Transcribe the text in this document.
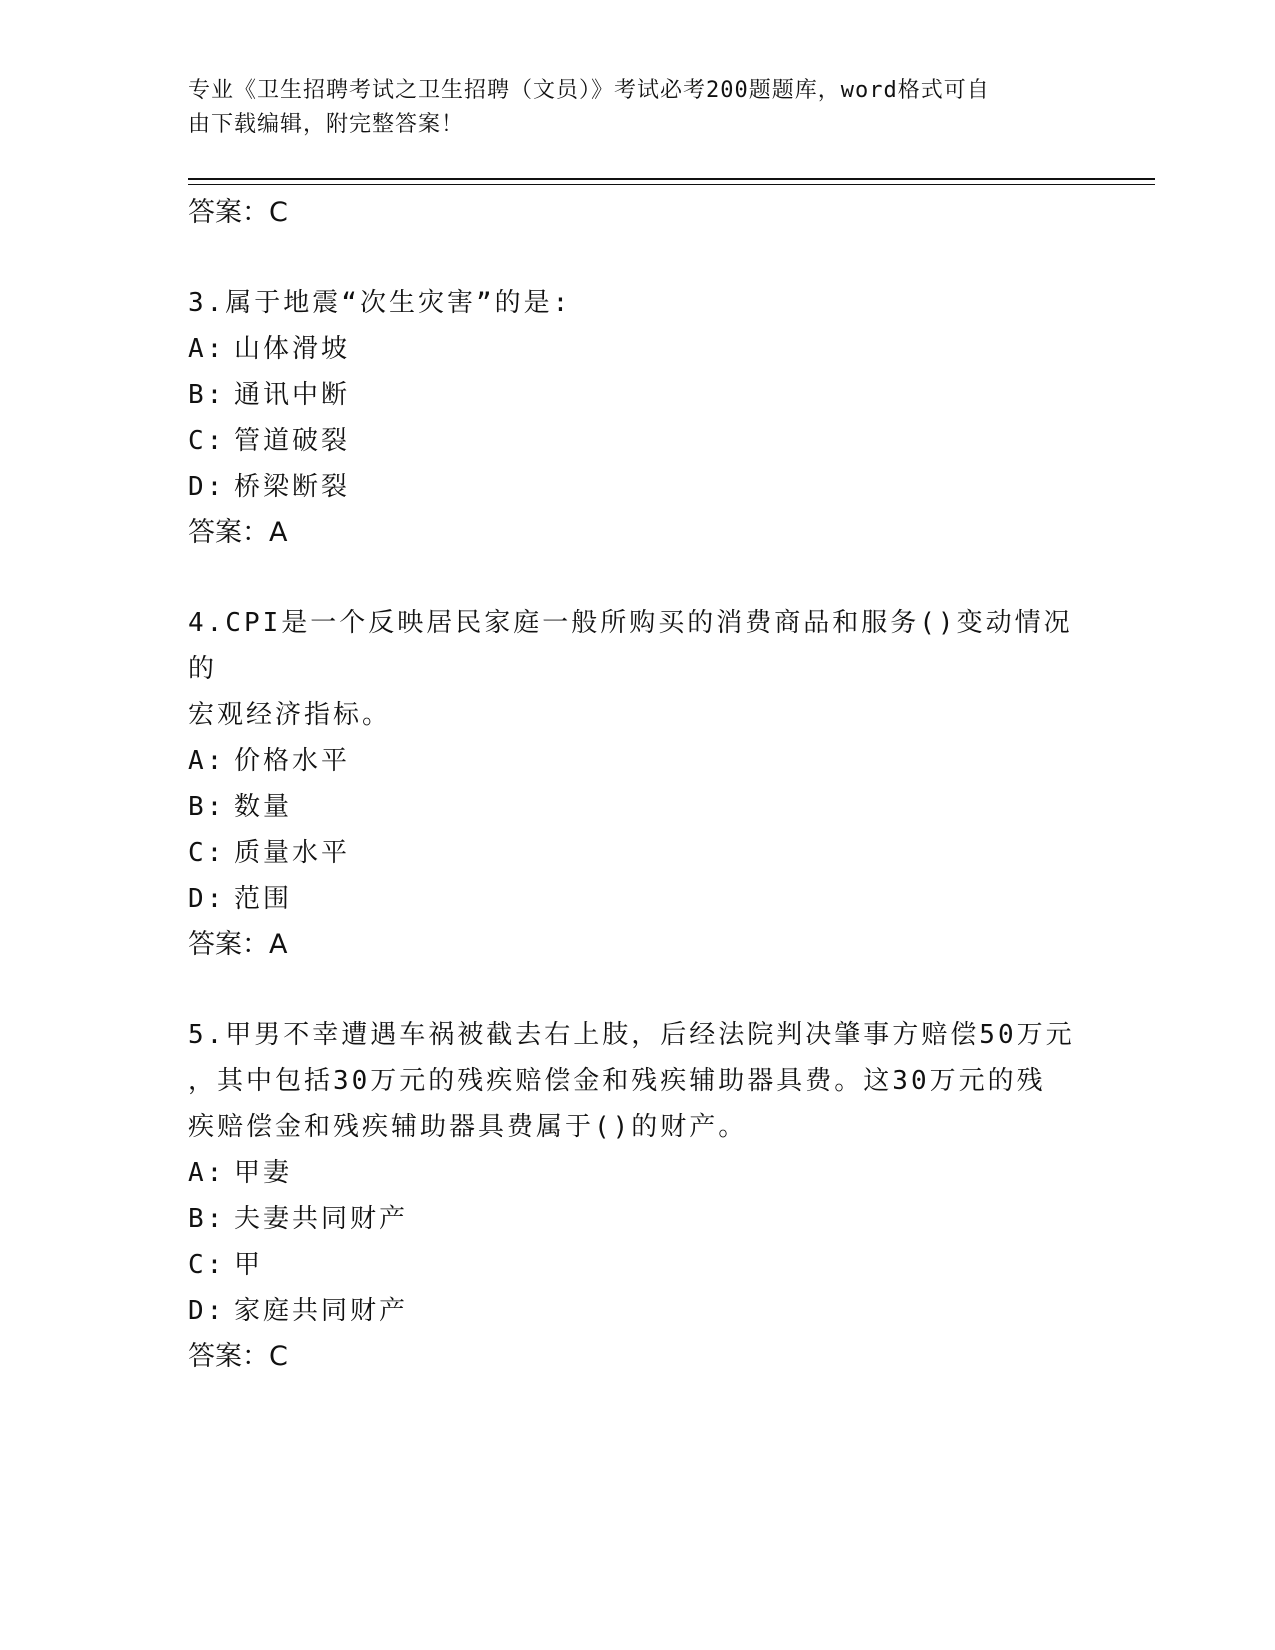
专业《卫生招聘考试之卫生招聘（文员）》考试必考200题题库，word格式可自
由下载编辑，附完整答案！

答案：C

3.属于地震“次生灾害”的是:

A: 山体滑坡

B: 通讯中断

C: 管道破裂

D: 桥梁断裂

答案：A

4.CPI是一个反映居民家庭一般所购买的消费商品和服务()变动情况的

宏观经济指标。

A: 价格水平

B: 数量

C: 质量水平

D: 范围

答案：A

5.甲男不幸遭遇车祸被截去右上肢，后经法院判决肇事方赔偿50万元

，其中包括30万元的残疾赔偿金和残疾辅助器具费。这30万元的残

疾赔偿金和残疾辅助器具费属于()的财产。

A: 甲妻

B: 夫妻共同财产

C: 甲

D: 家庭共同财产

答案：C
